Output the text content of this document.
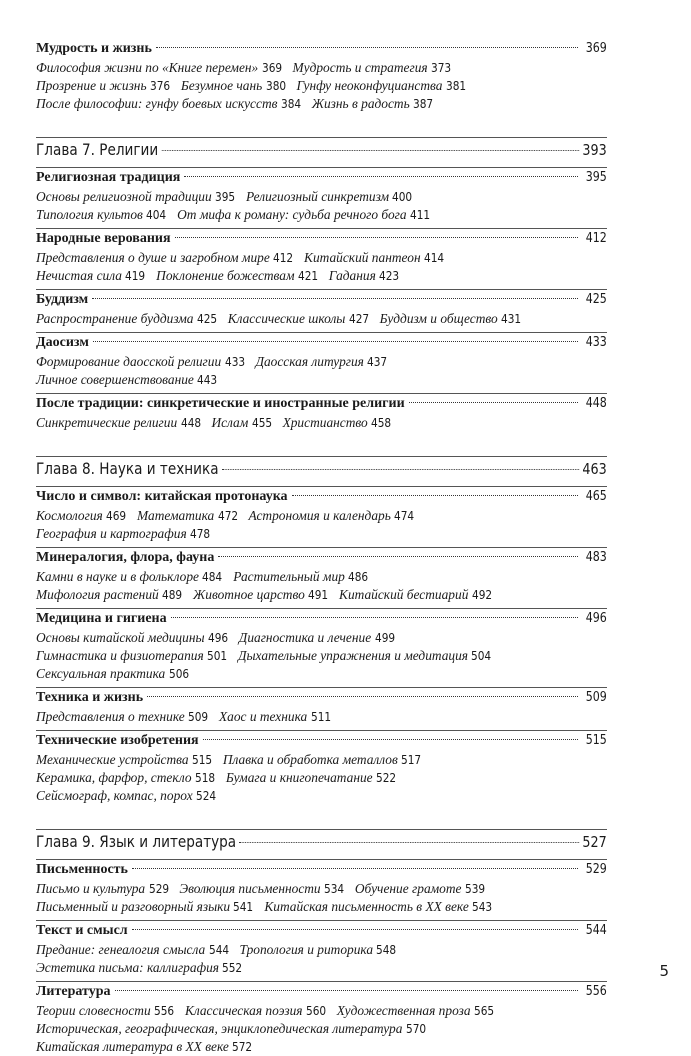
Мудрость и жизнь	369
Философия жизни по «Книге перемен» 369 Мудрость и стратегия 373
Прозрение и жизнь 376 Безумное чань 380 Гунфу неоконфуцианства 381
После философии: гунфу боевых искусств 384 Жизнь в радость 387
Глава 7. Религии	393
Религиозная традиция	395
Основы религиозной традиции 395 Религиозный синкретизм 400
Типология культов 404 От мифа к роману: судьба речного бога 411
Народные верования	412
Представления о душе и загробном мире 412 Китайский пантеон 414
Нечистая сила 419 Поклонение божествам 421 Гадания 423
Буддизм	425
Распространение буддизма 425 Классические школы 427 Буддизм и общество 431
Даосизм	433
Формирование даосской религии 433 Даосская литургия 437
Личное совершенствование 443
После традиции: синкретические и иностранные религии	448
Синкретические религии 448 Ислам 455 Христианство 458
Глава 8. Наука и техника	463
Число и символ: китайская протонаука	465
Космология 469 Математика 472 Астрономия и календарь 474
География и картография 478
Минералогия, флора, фауна	483
Камни в науке и в фольклоре 484 Растительный мир 486
Мифология растений 489 Животное царство 491 Китайский бестиарий 492
Медицина и гигиена	496
Основы китайской медицины 496 Диагностика и лечение 499
Гимнастика и физиотерапия 501 Дыхательные упражнения и медитация 504
Сексуальная практика 506
Техника и жизнь	509
Представления о технике 509 Хаос и техника 511
Технические изобретения	515
Механические устройства 515 Плавка и обработка металлов 517
Керамика, фарфор, стекло 518 Бумага и книгопечатание 522
Сейсмограф, компас, порох 524
Глава 9. Язык и литература	527
Письменность	529
Письмо и культура 529 Эволюция письменности 534 Обучение грамоте 539
Письменный и разговорный языки 541 Китайская письменность в XX веке 543
Текст и смысл	544
Предание: генеалогия смысла 544 Тропология и риторика 548
Эстетика письма: каллиграфия 552
Литература	556
Теории словесности 556 Классическая поэзия 560 Художественная проза 565
Историческая, географическая, энциклопедическая литература 570
Китайская литература в XX веке 572
5
